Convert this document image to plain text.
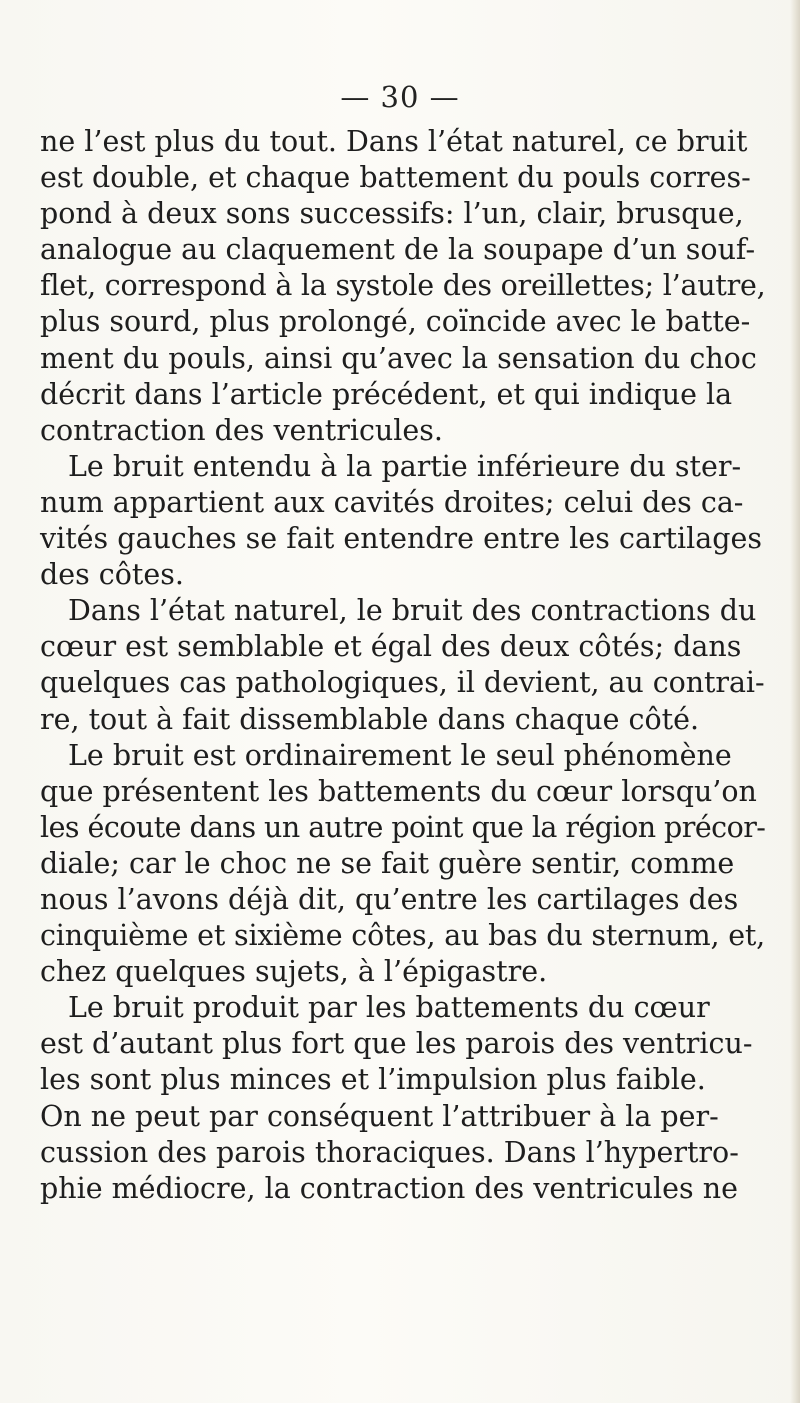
— 30 —
ne l’est plus du tout. Dans l’état naturel, ce bruit
est double, et chaque battement du pouls corres-
pond à deux sons successifs: l’un, clair, brusque,
analogue au claquement de la soupape d’un souf-
flet, correspond à la systole des oreillettes; l’autre,
plus sourd, plus prolongé, coïncide avec le batte-
ment du pouls, ainsi qu’avec la sensation du choc
décrit dans l’article précédent, et qui indique la
contraction des ventricules.
Le bruit entendu à la partie inférieure du ster-
num appartient aux cavités droites; celui des ca-
vités gauches se fait entendre entre les cartilages
des côtes.
Dans l’état naturel, le bruit des contractions du
cœur est semblable et égal des deux côtés; dans
quelques cas pathologiques, il devient, au contrai-
re, tout à fait dissemblable dans chaque côté.
Le bruit est ordinairement le seul phénomène
que présentent les battements du cœur lorsqu’on
les écoute dans un autre point que la région précor-
diale; car le choc ne se fait guère sentir, comme
nous l’avons déjà dit, qu’entre les cartilages des
cinquième et sixième côtes, au bas du sternum, et,
chez quelques sujets, à l’épigastre.
Le bruit produit par les battements du cœur
est d’autant plus fort que les parois des ventricu-
les sont plus minces et l’impulsion plus faible.
On ne peut par conséquent l’attribuer à la per-
cussion des parois thoraciques. Dans l’hypertro-
phie médiocre, la contraction des ventricules ne
